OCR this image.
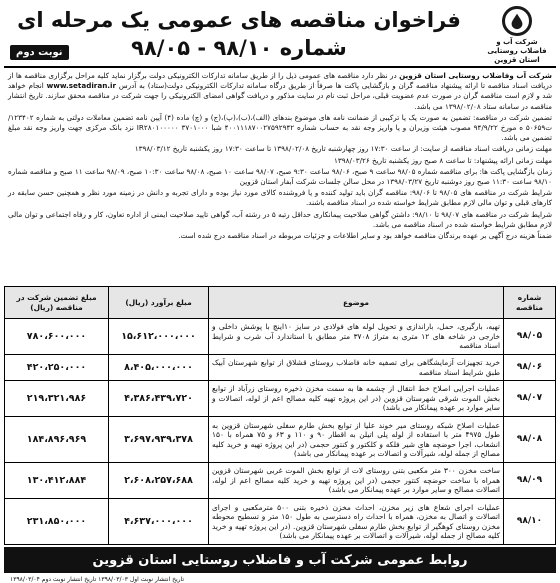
شرکت آب و فاضلاب روستایی استان قزوین
فراخوان مناقصه های عمومی یک مرحله ای
شماره ۹۸/۱۰ - ۹۸/۰۵
نوبت دوم

شرکت آب وفاضلاب روستایی استان قزوین در نظر دارد مناقصه های عمومی ذیل را از طریق سامانه تدارکات الکترونیکی دولت برگزار نماید کلیه مراحل برگزاری مناقصه ها از دریافت اسناد مناقصه تا ارائه پیشنهاد مناقصه گران و بازگشایی پاکت ها صرفاً از طریق درگاه سامانه تدارکات الکترونیکی دولت(ستاد) به آدرس www.setadiran.ir انجام خواهد شد و لازم است مناقصه گران در صورت عدم عضویت قبلی، مراحل ثبت نام در سایت مذکور و دریافت گواهی امضای الکترونیکی را جهت شرکت در مناقصه محقق سازند. تاریخ انتشار مناقصه در سامانه ستاد ۱۳۹۸/۰۲/۰۸ می باشد.

تضمین شرکت در مناقصه: تضمین به صورت یک یا ترکیبی از ضمانت نامه های موضوع بندهای (الف)،(ب)،(پ)،(ج) و (چ) ماده (۴) آیین نامه تضمین معاملات دولتی به شماره ۱۲۳۴۰۲/ت۵۰۶۵۹ ه مورخ ۹۴/۹/۲۲ مصوب هیئت وزیران و یا واریز وجه نقد به حساب شماره ۴۰۰۱۱۱۸۷۰۰۲۷۵۹۲۹۴۲ شبا IR۲۸۰۱۰۰۰۰۰ ۳۷۰۱۰۰۰ نزد بانک مرکزی جهت واریز وجه نقد مبلغ تضمین می باشد.

مهلت زمانی دریافت اسناد مناقصه از سایت: از ساعت ۱۷:۳۰ روز چهارشنبه تاریخ ۱۳۹۸/۰۲/۰۸ تا ساعت ۱۷:۳۰ روز یکشنبه تاریخ ۱۳۹۸/۰۳/۱۲

مهلت زمانی ارائه پیشنهاد: تا ساعت ۸ صبح روز یکشنبه تاریخ ۱۳۹۸/۰۳/۲۶

زمان بازگشایی پاکت ها: برای مناقصه شماره ۹۸/۰۵ ساعت ۹ صبح، ۹۸/۰۶ ساعت ۹:۳۰ صبح، ۹۸/۰۷ ساعت ۱۰ صبح، ۹۸/۰۸ ساعت ۱۰:۳۰ صبح، ۹۸/۰۹ ساعت ۱۱ صبح و مناقصه شماره ۹۸/۱۰ ساعت ۱۱:۳۰ صبح روز دوشنبه تاریخ ۱۳۹۸/۰۳/۲۷ در محل سالن جلسات شرکت آبفار استان قزوین

شرایط شرکت در مناقصه های ۹۸/۰۵ تا ۹۸/۰۶: مناقصه گران باید تولید کننده و یا فروشنده کالای مورد نیاز بوده و دارای تجربه و دانش در زمینه مورد نظر و همچنین حسن سابقه در کارهای قبلی و توان مالی لازم مطابق شرایط خواسته شده در اسناد مناقصه باشند.

شرایط شرکت در مناقصه های ۹۸/۰۷ تا ۹۸/۱۰: داشتن گواهی صلاحیت پیمانکاری حداقل رتبه ۵ در رشته آب، گواهی تایید صلاحیت ایمنی از اداره تعاون، کار و رفاه اجتماعی و توان مالی لازم مطابق شرایط خواسته شده در اسناد مناقصه می باشد.

ضمناً هزینه درج آگهی بر عهده برندگان مناقصه خواهد بود و سایر اطلاعات و جزئیات مربوطه در اسناد مناقصه درج شده است.

شماره مناقصه	موضوع	مبلغ برآورد (ریال)	مبلغ تضمین شرکت در مناقصه (ریال)
۹۸/۰۵	تهیه، بارگیری، حمل، باراندازی و تحویل لوله های فولادی در سایز ۱۰اینچ با پوشش داخلی و خارجی در شاخه های ۱۲ متری به متراژ ۳۷۰۸ متر مطابق با استاندارد آب شرب و شرایط اسناد مناقصه	۱۵،۶۱۲،۰۰۰،۰۰۰	۷۸۰،۶۰۰،۰۰۰
۹۸/۰۶	خرید تجهیزات آزمایشگاهی برای تصفیه خانه فاضلاب روستای قشلاق از توابع شهرستان آبیک طبق شرایط اسناد مناقصه	۸،۴۰۵،۰۰۰،۰۰۰	۴۲۰،۲۵۰،۰۰۰
۹۸/۰۷	عملیات اجرایی اصلاح خط انتقال از چشمه ها به سمت مخزن ذخیره روستای زرآباد از توابع بخش الموت شرقی شهرستان قزوین (در این پروژه تهیه کلیه مصالح اعم از لوله، اتصالات و سایر موارد بر عهده پیمانکار می باشد)	۴،۳۸۶،۴۳۹،۷۲۰	۲۱۹،۳۲۱،۹۸۶
۹۸/۰۸	عملیات اصلاح شبکه روستای میر خوند علیا از توابع بخش طارم سفلی شهرستان قزوین به طول ۴۹۷۵ متر با استفاده از لوله پلی اتیلن به اقطار ۹۰ و ۱۱۰ و ۶۳ و ۷۵ همراه با ۱۵۰ انشعاب، اجرا حوضچه های شیر فلکه و کلکتور و کنتور حجمی (در این پروژه تهیه و خرید کلیه مصالح از جمله لوله، شیرآلات و اتصالات بر عهده پیمانکار می باشد)	۳،۶۹۷،۹۳۹،۳۷۸	۱۸۴،۸۹۶،۹۶۹
۹۸/۰۹	ساخت مخزن ۳۰۰ متر مکعبی بتنی روستای لات از توابع بخش الموت غربی شهرستان قزوین همراه با ساخت حوضچه کنتور حجمی (در این پروژه تهیه و خرید کلیه مصالح اعم از لوله، اتصالات مصالح و سایر موارد بر عهده پیمانکار می باشد)	۲،۶۰۸،۲۵۷،۶۸۸	۱۳۰،۴۱۲،۸۸۴
۹۸/۱۰	عملیات اجرای شعاع های زیر مخزن، احداث مخزن ذخیره بتنی ۵۰۰ مترمکعبی و اجرای اتصالات و اتصال به مخزن، همراه با احداث راه دسترسی به طول ۱۵۰ متر و تسطیح محوطه مخزن روستای کوهگیر از توابع بخش طارم سفلی شهرستان قزوین. (در این پروژه تهیه و خرید کلیه مصالح از جمله لوله، شیرآلات و اتصالات بر عهده پیمانکار می باشد)	۴،۶۳۷،۰۰۰،۰۰۰	۲۳۱،۸۵۰،۰۰۰
روابط عمومی شرکت آب و فاضلاب روستایی استان قزوین
تاریخ انتشار نوبت اول ۱۳۹۸/۰۳/۰۳ تاریخ انتشار نوبت دوم ۱۳۹۸/۰۳/۰۴
